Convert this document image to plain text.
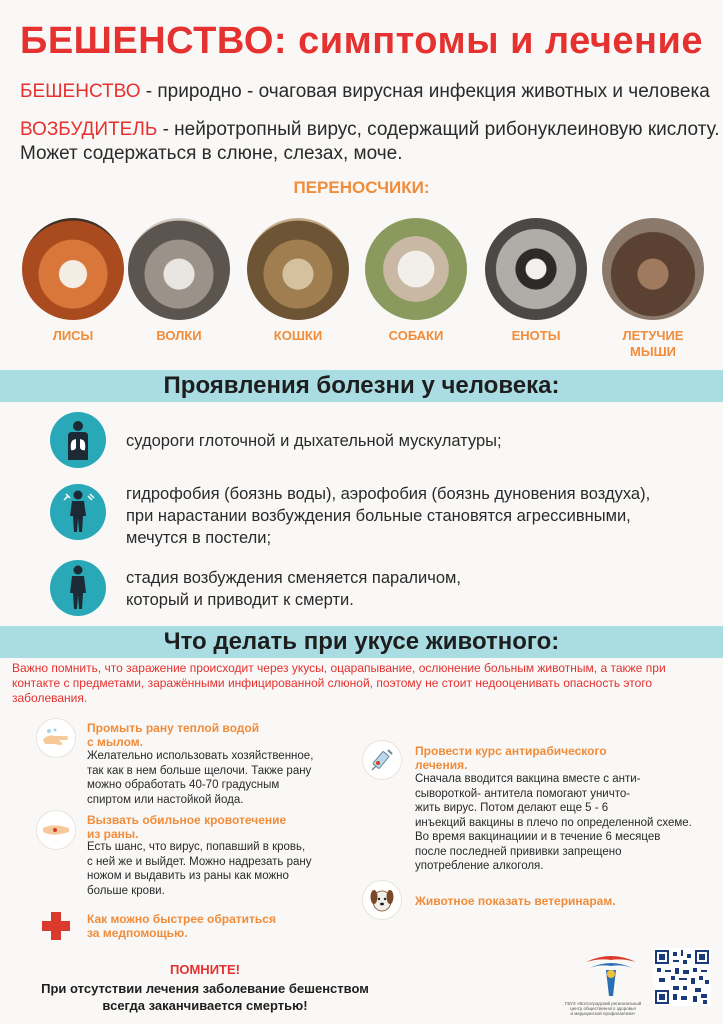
БЕШЕНСТВО: симптомы и лечение
БЕШЕНСТВО - природно - очаговая вирусная инфекция животных и человека
ВОЗБУДИТЕЛЬ - нейротропный вирус, содержащий рибонуклеиновую кислоту.
Может содержаться в слюне, слезах, моче.
ПЕРЕНОСЧИКИ:
ЛИСЫ	ВОЛКИ	КОШКИ	СОБАКИ	ЕНОТЫ	ЛЕТУЧИЕ МЫШИ
Проявления болезни у человека:
судороги глоточной и дыхательной мускулатуры;
гидрофобия (боязнь воды), аэрофобия (боязнь дуновения воздуха),
при нарастании возбуждения больные становятся агрессивными,
мечутся в постели;
стадия возбуждения сменяется параличом,
который и приводит к смерти.
Что делать при укусе животного:
Важно помнить, что заражение происходит через укусы, оцарапывание, ослюнение больным животным, а также при контакте с предметами, заражёнными инфицированной слюной, поэтому не стоит недооценивать опасность этого заболевания.
Промыть рану теплой водой
с мылом.
Желательно использовать хозяйственное,
так как в нем больше щелочи. Также рану
можно обработать 40-70 градусным
спиртом или настойкой йода.
Вызвать обильное кровотечение
из раны.
Есть шанс, что вирус, попавший в кровь,
с ней же и выйдет. Можно надрезать рану
ножом и выдавить из раны как можно
больше крови.
Как можно быстрее обратиться
за медпомощью.
Провести курс антирабического
лечения.
Сначала вводится вакцина вместе с анти-
сывороткой- антитела помогают уничто-
жить вирус. Потом делают еще 5 - 6
инъекций вакцины в плечо по определенной схеме.
Во время вакцинациии и в течение 6 месяцев
после последней прививки запрещено
употребление алкоголя.
Животное показать ветеринарам.
ПОМНИТЕ!
При отсутствии лечения заболевание бешенством
всегда заканчивается смертью!	ГБУЗ «Волгоградский региональный
центр общественного здоровья
и медицинской профилактики»
